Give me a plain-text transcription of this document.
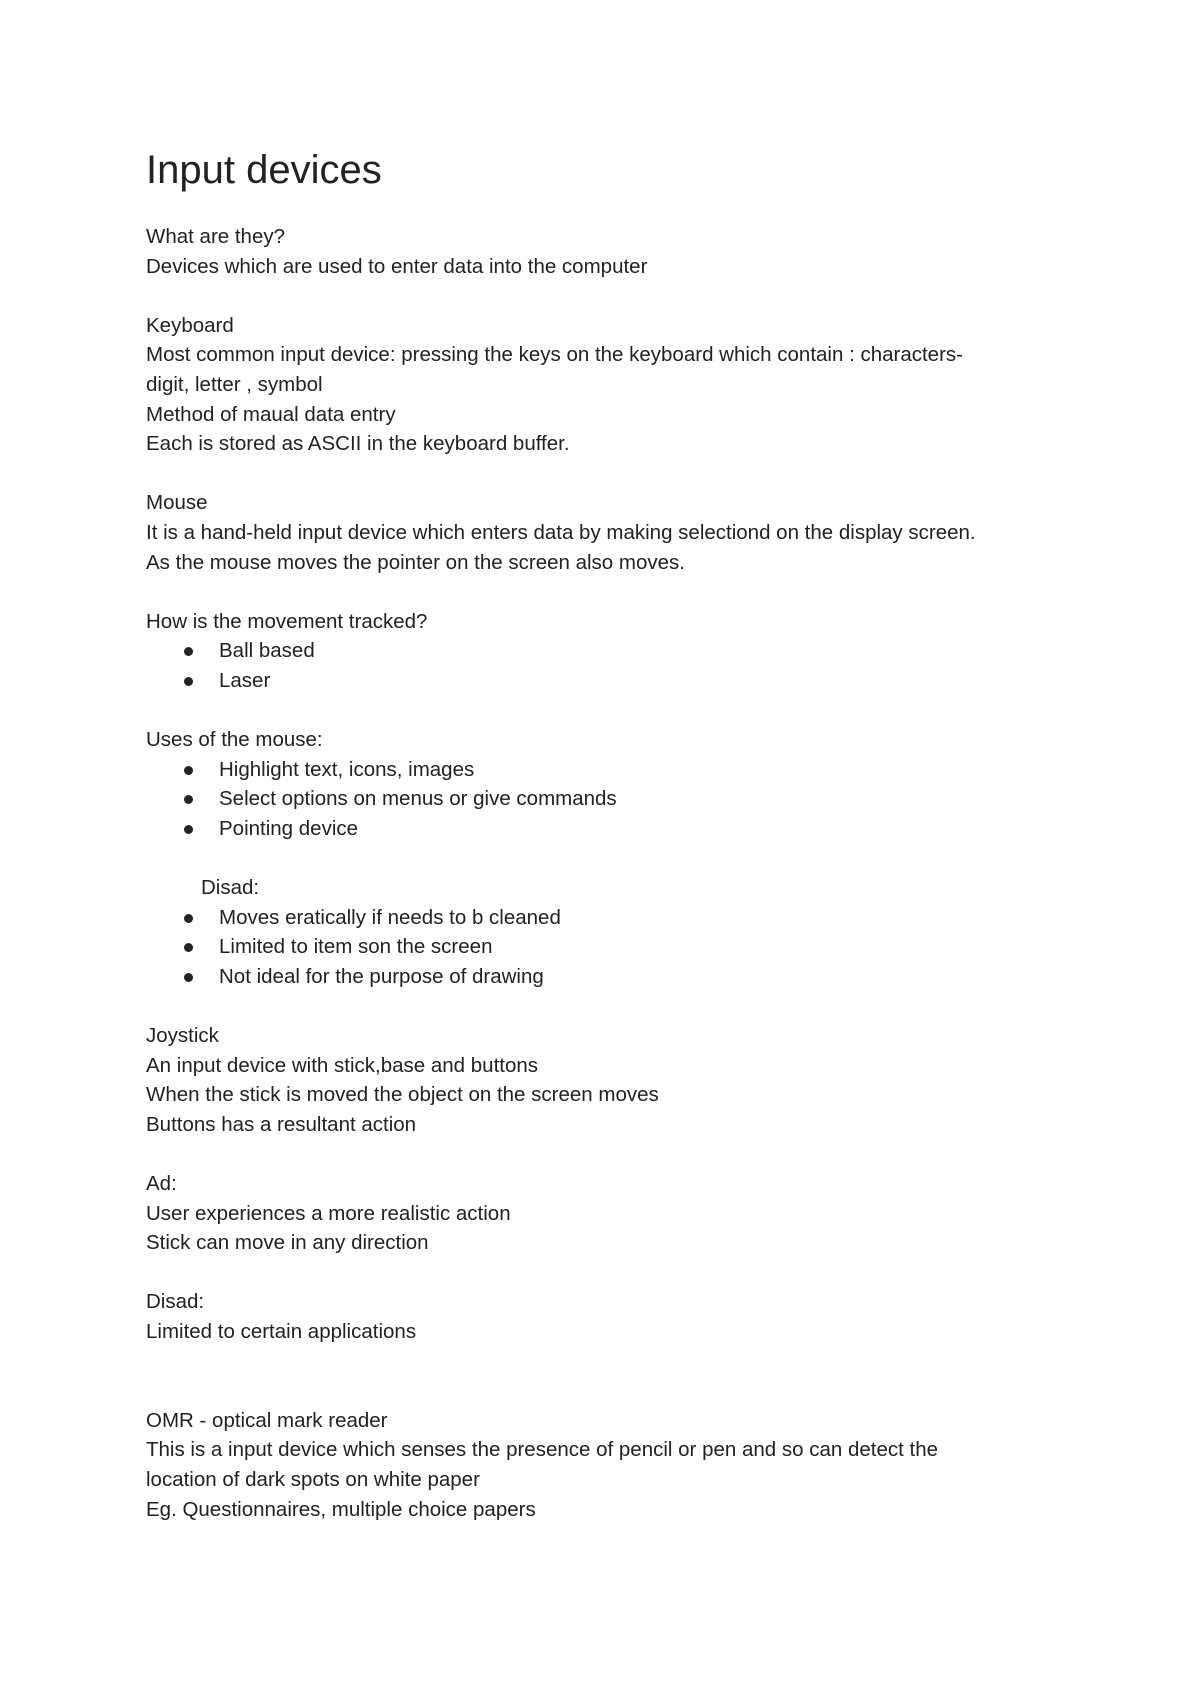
Input devices

What are they?

Devices which are used to enter data into the computer

Keyboard

Most common input device: pressing the keys on the keyboard which contain : characters-

digit, letter , symbol

Method of maual data entry

Each is stored as ASCII in the keyboard buffer.

Mouse

It is a hand-held input device which enters data by making selectiond on the display screen.

As the mouse moves the pointer on the screen also moves.

How is the movement tracked?

Ball based
Laser

Uses of the mouse:

Highlight text, icons, images
Select options on menus or give commands
Pointing device

Disad:

Moves eratically if needs to b cleaned
Limited to item son the screen
Not ideal for the purpose of drawing

Joystick

An input device with stick,base and buttons

When the stick is moved the object on the screen moves

Buttons has a resultant action

Ad:

User experiences a more realistic action

Stick can move in any direction

Disad:

Limited to certain applications

OMR - optical mark reader

This is a input device which senses the presence of pencil or pen and so can detect the

location of dark spots on white paper

Eg. Questionnaires, multiple choice papers
